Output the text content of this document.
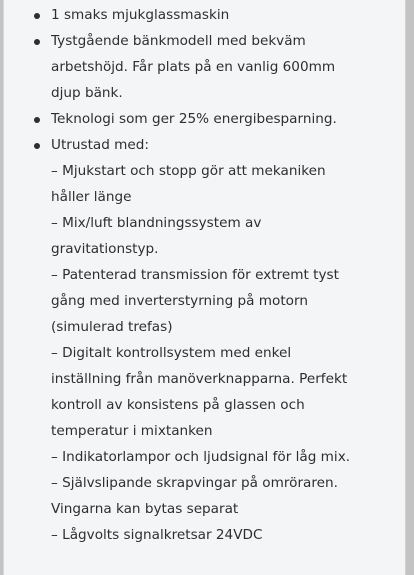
1 smaks mjukglassmaskin
Tystgående bänkmodell med bekväm
arbetshöjd. Får plats på en vanlig 600mm
djup bänk.
Teknologi som ger 25% energibesparning.
Utrustad med:
– Mjukstart och stopp gör att mekaniken
håller länge
– Mix/luft blandningssystem av
gravitationstyp.
– Patenterad transmission för extremt tyst
gång med inverterstyrning på motorn
(simulerad trefas)
– Digitalt kontrollsystem med enkel
inställning från manöverknapparna. Perfekt
kontroll av konsistens på glassen och
temperatur i mixtanken
– Indikatorlampor och ljudsignal för låg mix.
– Självslipande skrapvingar på omröraren.
Vingarna kan bytas separat
– Lågvolts signalkretsar 24VDC
